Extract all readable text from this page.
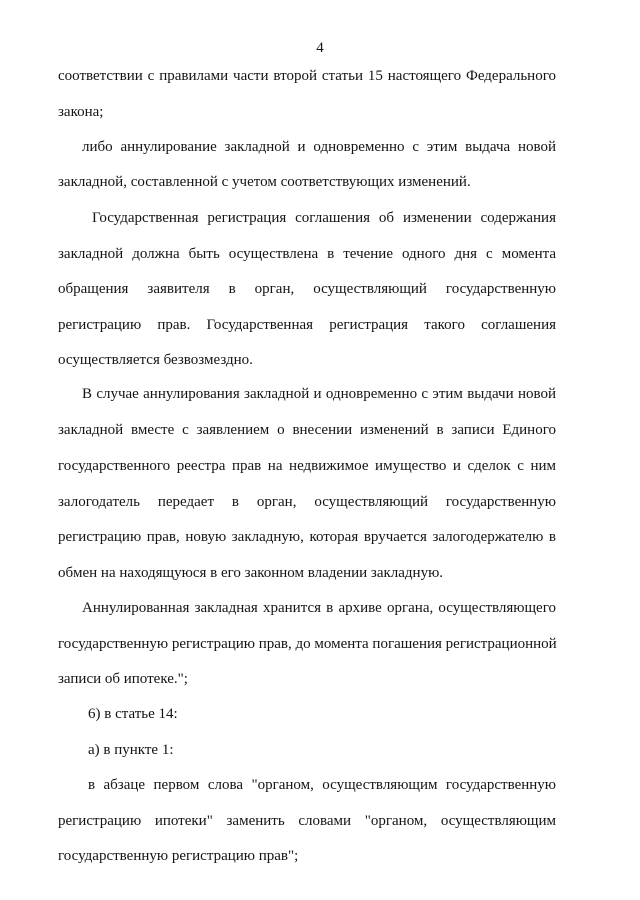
4
соответствии с правилами части второй статьи 15 настоящего Федерального
закона;
либо аннулирование закладной и одновременно с этим выдача новой
закладной, составленной с учетом соответствующих изменений.
Государственная регистрация соглашения об изменении содержания
закладной должна быть осуществлена в течение одного дня с момента
обращения заявителя в орган, осуществляющий государственную
регистрацию прав. Государственная регистрация такого соглашения
осуществляется безвозмездно.
В случае аннулирования закладной и одновременно с этим выдачи новой
закладной вместе с заявлением о внесении изменений в записи Единого
государственного реестра прав на недвижимое имущество и сделок с ним
залогодатель передает в орган, осуществляющий государственную
регистрацию прав, новую закладную, которая вручается залогодержателю в
обмен на находящуюся в его законном владении закладную.
Аннулированная закладная хранится в архиве органа, осуществляющего
государственную регистрацию прав, до момента погашения регистрационной
записи об ипотеке.";
6) в статье 14:
а) в пункте 1:
в абзаце первом слова "органом, осуществляющим государственную
регистрацию ипотеки" заменить словами "органом, осуществляющим
государственную регистрацию прав";
